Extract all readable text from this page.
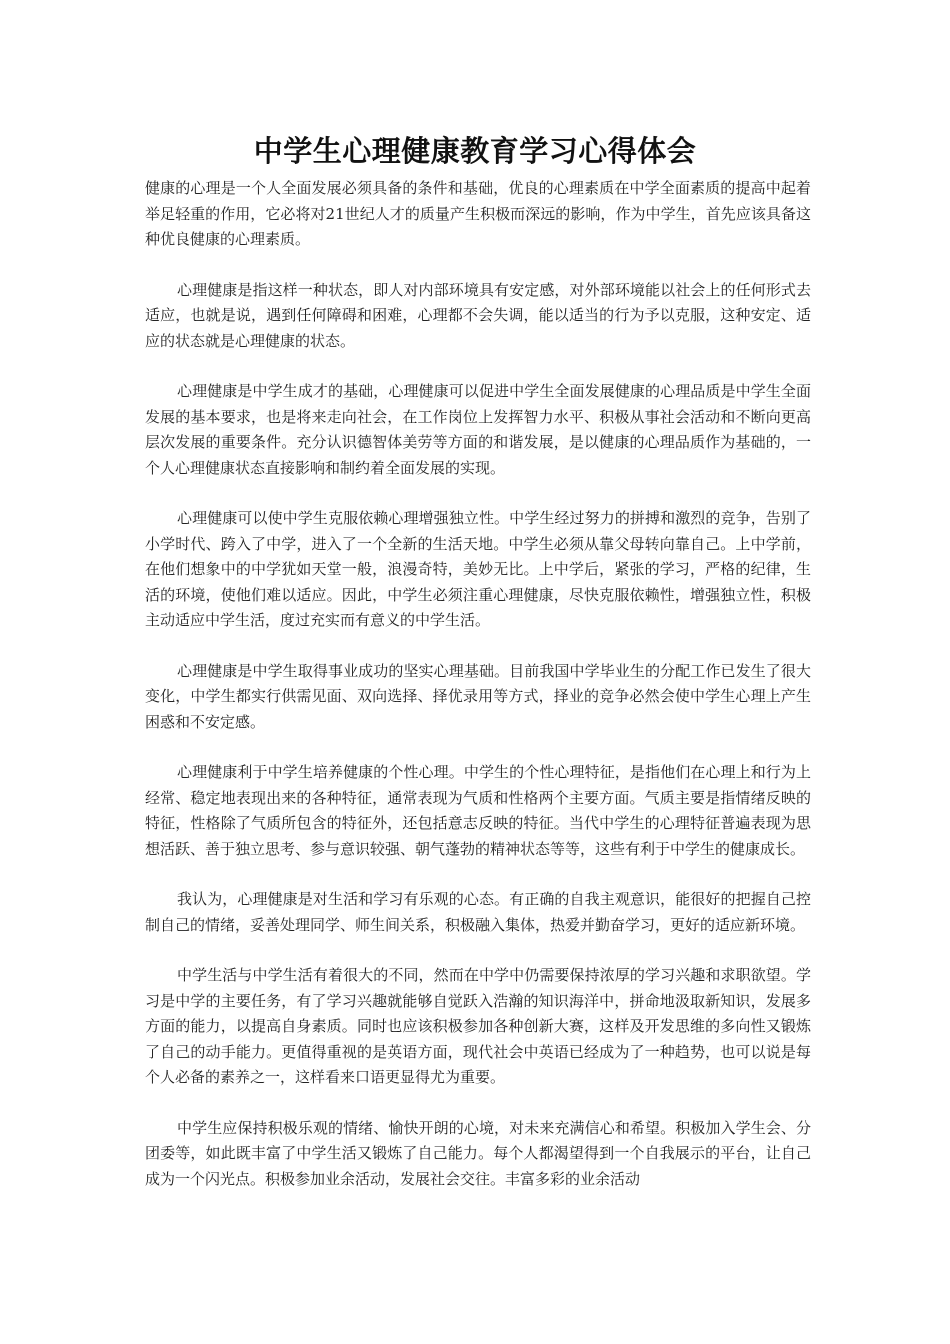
中学生心理健康教育学习心得体会

健康的心理是一个人全面发展必须具备的条件和基础，优良的心理素质在中学全面素质的提高中起着举足轻重的作用，它必将对21世纪人才的质量产生积极而深远的影响，作为中学生，首先应该具备这种优良健康的心理素质。

心理健康是指这样一种状态，即人对内部环境具有安定感，对外部环境能以社会上的任何形式去适应，也就是说，遇到任何障碍和困难，心理都不会失调，能以适当的行为予以克服，这种安定、适应的状态就是心理健康的状态。

心理健康是中学生成才的基础，心理健康可以促进中学生全面发展健康的心理品质是中学生全面发展的基本要求，也是将来走向社会，在工作岗位上发挥智力水平、积极从事社会活动和不断向更高层次发展的重要条件。充分认识德智体美劳等方面的和谐发展，是以健康的心理品质作为基础的，一个人心理健康状态直接影响和制约着全面发展的实现。

心理健康可以使中学生克服依赖心理增强独立性。中学生经过努力的拼搏和激烈的竞争，告别了小学时代、跨入了中学，进入了一个全新的生活天地。中学生必须从靠父母转向靠自己。上中学前，在他们想象中的中学犹如天堂一般，浪漫奇特，美妙无比。上中学后，紧张的学习，严格的纪律，生活的环境，使他们难以适应。因此，中学生必须注重心理健康，尽快克服依赖性，增强独立性，积极主动适应中学生活，度过充实而有意义的中学生活。

心理健康是中学生取得事业成功的坚实心理基础。目前我国中学毕业生的分配工作已发生了很大变化，中学生都实行供需见面、双向选择、择优录用等方式，择业的竞争必然会使中学生心理上产生困惑和不安定感。

心理健康利于中学生培养健康的个性心理。中学生的个性心理特征，是指他们在心理上和行为上经常、稳定地表现出来的各种特征，通常表现为气质和性格两个主要方面。气质主要是指情绪反映的特征，性格除了气质所包含的特征外，还包括意志反映的特征。当代中学生的心理特征普遍表现为思想活跃、善于独立思考、参与意识较强、朝气蓬勃的精神状态等等，这些有利于中学生的健康成长。

我认为，心理健康是对生活和学习有乐观的心态。有正确的自我主观意识，能很好的把握自己控制自己的情绪，妥善处理同学、师生间关系，积极融入集体，热爱并勤奋学习，更好的适应新环境。

中学生活与中学生活有着很大的不同，然而在中学中仍需要保持浓厚的学习兴趣和求职欲望。学习是中学的主要任务，有了学习兴趣就能够自觉跃入浩瀚的知识海洋中，拼命地汲取新知识，发展多方面的能力，以提高自身素质。同时也应该积极参加各种创新大赛，这样及开发思维的多向性又锻炼了自己的动手能力。更值得重视的是英语方面，现代社会中英语已经成为了一种趋势，也可以说是每个人必备的素养之一，这样看来口语更显得尤为重要。

中学生应保持积极乐观的情绪、愉快开朗的心境，对未来充满信心和希望。积极加入学生会、分团委等，如此既丰富了中学生活又锻炼了自己能力。每个人都渴望得到一个自我展示的平台，让自己成为一个闪光点。积极参加业余活动，发展社会交往。丰富多彩的业余活动
